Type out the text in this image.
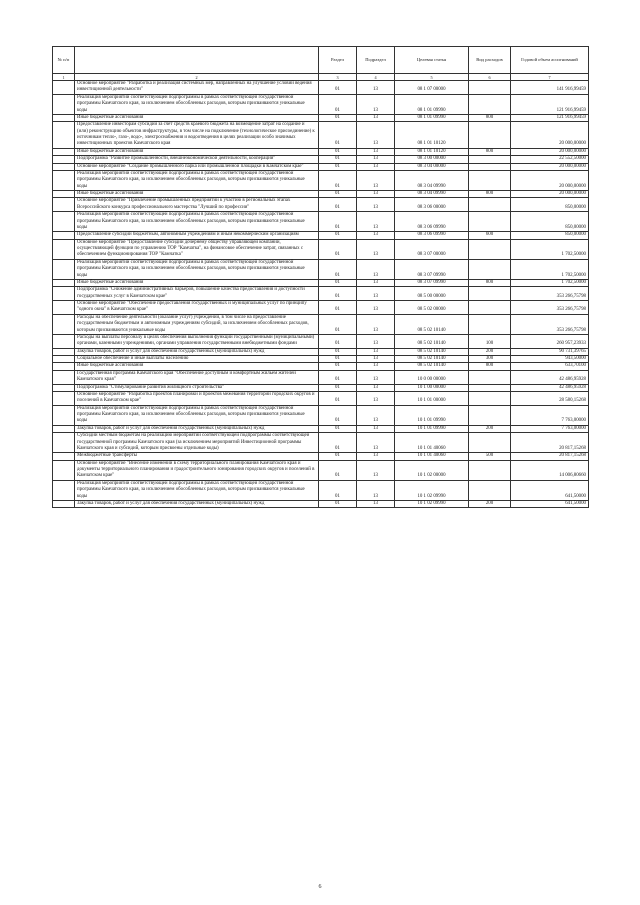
№ п/п		Раздел	Подраздел	Целевая статья	Вид расходов	Годовой объем ассигнований
1	2	3	4	5	6	7
	Основное мероприятие "Разработка и реализация системных мер, направленных на улучшение условий ведения инвестиционной деятельности"	01	13	08 1 07 00000		141 916,99459
	Реализация мероприятий соответствующей подпрограммы в рамках соответствующей государственной программы Камчатского края, за исключением обособленных расходов, которым присваиваются уникальные коды	01	13	08 1 01 09990		121 916,99459
	Иные бюджетные ассигнования	01	13	08 1 01 09990	800	121 916,99459
	Предоставление инвесторам субсидий за счет средств краевого бюджета на возмещение затрат на создание и (или) реконструкцию объектов инфраструктуры, в том числе на подключение (технологическое присоединение) к источникам тепло-, газо-, водо-, электроснабжения и водоотведения в целях реализации особо значимых инвестиционных проектов Камчатского края	01	13	08 1 01 10120		20 000,00000
	Иные бюджетные ассигнования	01	13	08 1 01 10120	800	20 000,00000
	Подпрограмма "Развитие промышленности, внешнеэкономической деятельности, кооперации"	01	13	08 3 00 00000		22 552,50000
	Основное мероприятие "Создание промышленного парка или промышленной площадки в Камчатском крае"	01	13	08 3 04 00000		20 000,00000
	Реализация мероприятий соответствующей подпрограммы в рамках соответствующей государственной программы Камчатского края, за исключением обособленных расходов, которым присваиваются уникальные коды	01	13	08 3 04 09990		20 000,00000
	Иные бюджетные ассигнования	01	13	08 3 04 09990	800	20 000,00000
	Основное мероприятие "Привлечение промышленных предприятий к участию в региональных этапах Всероссийского конкурса профессионального мастерства "Лучший по профессии"	01	13	08 3 06 00000		850,00000
	Реализация мероприятий соответствующей подпрограммы в рамках соответствующей государственной программы Камчатского края, за исключением обособленных расходов, которым присваиваются уникальные коды	01	13	08 3 06 09990		850,00000
	Предоставление субсидий бюджетным, автономным учреждениям и иным некоммерческим организациям	01	13	08 3 06 09990	600	850,00000
	Основное мероприятие "Предоставление субсидии дочернему обществу управляющей компании, осуществляющей функции по управлению ТОР "Камчатка", на финансовое обеспечение затрат, связанных с обеспечением функционирования ТОР "Камчатка"	01	13	08 3 07 00000		1 702,50000
	Реализация мероприятий соответствующей подпрограммы в рамках соответствующей государственной программы Камчатского края, за исключением обособленных расходов, которым присваиваются уникальные коды	01	13	08 3 07 09990		1 702,50000
	Иные бюджетные ассигнования	01	13	08 3 07 09990	800	1 702,50000
	Подпрограмма "Снижение административных барьеров, повышение качества предоставления и доступности государственных услуг в Камчатском крае"	01	13	08 5 00 00000		353 266,75798
	Основное мероприятие "Обеспечение предоставления государственных и муниципальных услуг по принципу "одного окна" в Камчатском крае"	01	13	08 5 02 00000		353 266,75798
	Расходы на обеспечение деятельности (оказание услуг) учреждений, в том числе на предоставление государственным бюджетным и автономным учреждениям субсидий, за исключением обособленных расходов, которым присваиваются уникальные коды	01	13	08 5 02 10140		353 266,75798
	Расходы на выплаты персоналу в целях обеспечения выполнения функций государственными (муниципальными) органами, казенными учреждениями, органами управления государственными внебюджетными фондами	01	13	08 5 02 10140	100	260 957,23933
	Закупка товаров, работ и услуг для обеспечения государственных (муниципальных) нужд	01	13	08 5 02 10140	200	90 731,39765
	Социальное обеспечение и иные выплаты населению	01	13	08 5 02 10140	300	943,50000
	Иные бюджетные ассигнования	01	13	08 5 02 10140	800	633,70100
	Государственная программа Камчатского края "Обеспечение доступным и комфортным жильем жителей Камчатского края"	01	13	10 0 00 00000		42 486,95928
	Подпрограмма "Стимулирование развития жилищного строительства"	01	13	10 1 00 00000		42 486,95928
	Основное мероприятие "Разработка проектов планировки и проектов межевания территорий городских округов и поселений в Камчатском крае"	01	13	10 1 01 00000		28 580,15268
	Реализация мероприятий соответствующей подпрограммы в рамках соответствующей государственной программы Камчатского края, за исключением обособленных расходов, которым присваиваются уникальные коды	01	13	10 1 01 09990		7 763,00000
	Закупка товаров, работ и услуг для обеспечения государственных (муниципальных) нужд	01	13	10 1 01 09990	200	7 763,00000
	Субсидии местным бюджетам на реализацию мероприятий соответствующей подпрограммы соответствующей государственной программы Камчатского края (за исключением мероприятий Инвестиционной программы Камчатского края и субсидий, которым присвоены отдельные коды)	01	13	10 1 01 40060		20 817,15268
	Межбюджетные трансферты	01	13	10 1 01 40060	500	20 817,15268
	Основное мероприятие "Внесение изменений в схему территориального планирования Камчатского края и документы территориального планирования и градостроительного зонирования городских округов и поселений в Камчатском крае"	01	13	10 1 02 00000		14 006,80660
	Реализация мероприятий соответствующей подпрограммы в рамках соответствующей государственной программы Камчатского края, за исключением обособленных расходов, которым присваиваются уникальные коды	01	13	10 1 02 09990		641,50000
	Закупка товаров, работ и услуг для обеспечения государственных (муниципальных) нужд	01	13	10 1 02 09990	200	641,50000
6
